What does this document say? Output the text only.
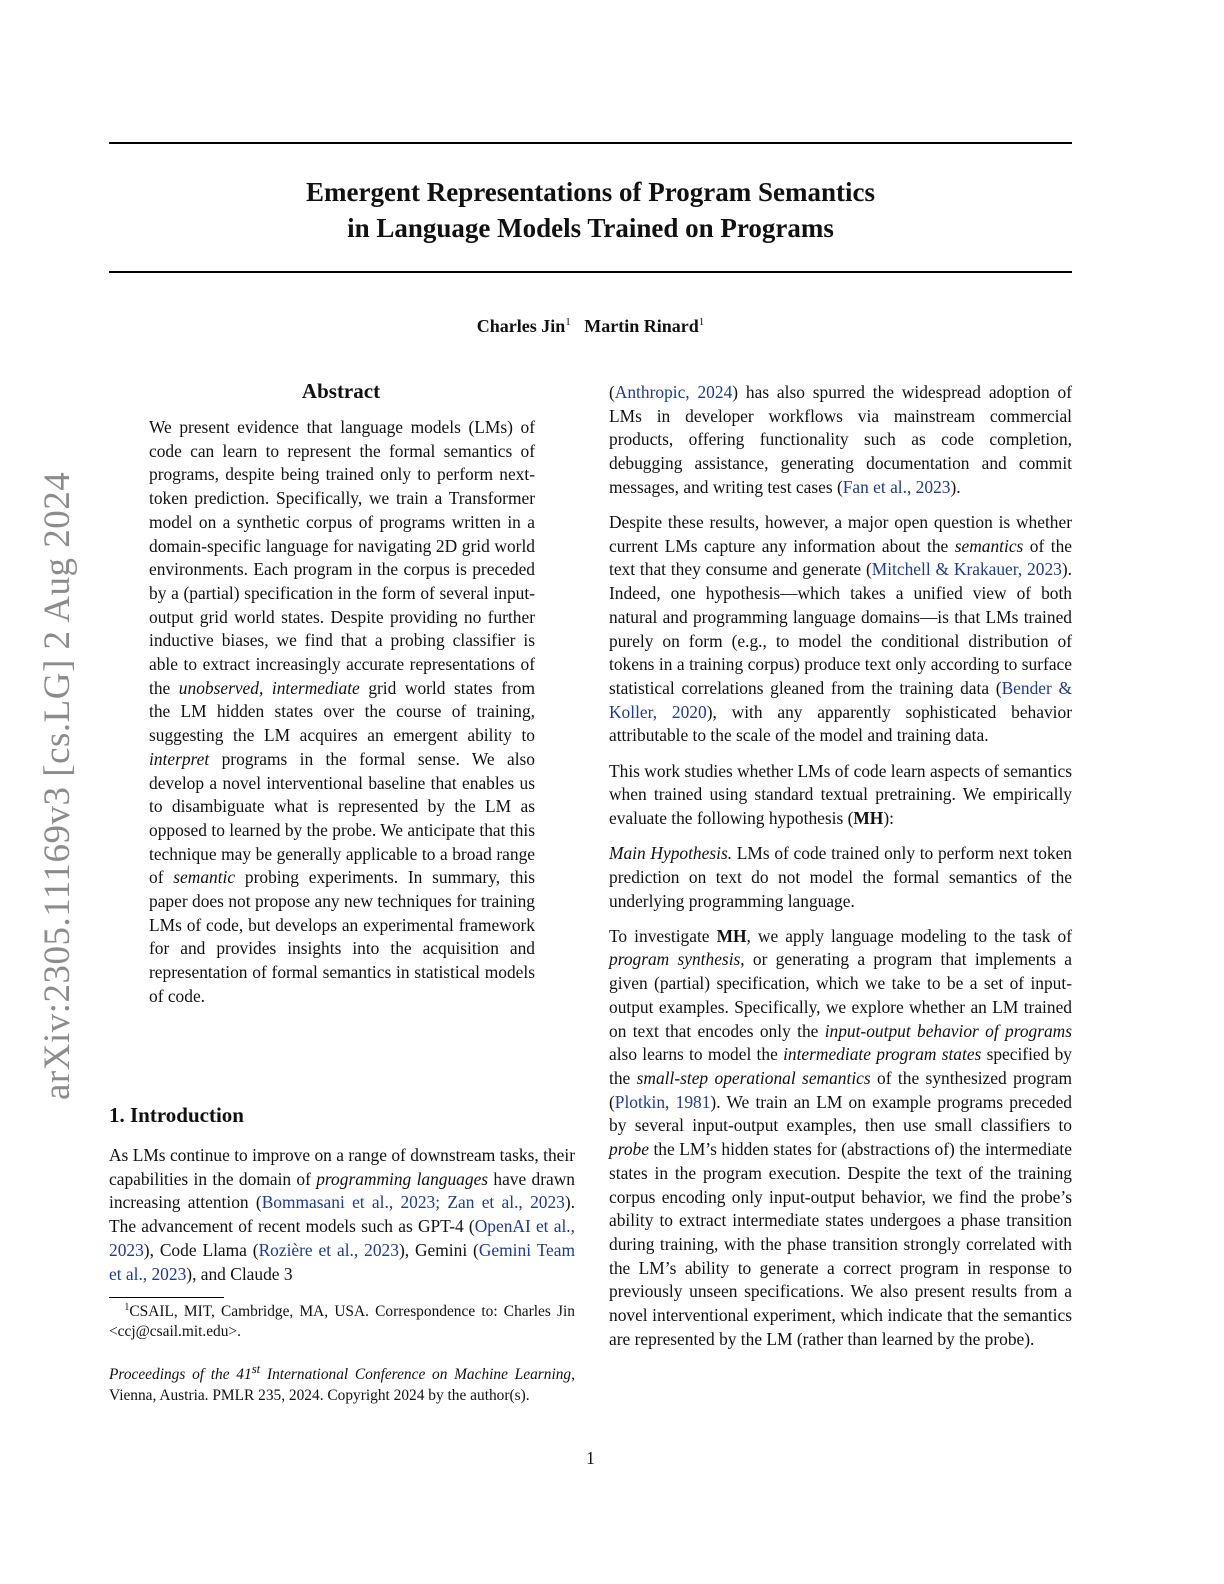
Emergent Representations of Program Semantics
in Language Models Trained on Programs
Charles Jin$^1$ Martin Rinard$^1$
arXiv:2305.11169v3 [cs.LG] 2 Aug 2024
Abstract
We present evidence that language models (LMs) of code can learn to represent the formal semantics of programs, despite being trained only to perform next-token prediction. Specifically, we train a Transformer model on a synthetic corpus of programs written in a domain-specific language for navigating 2D grid world environments. Each program in the corpus is preceded by a (partial) specification in the form of several input-output grid world states. Despite providing no further inductive biases, we find that a probing classifier is able to extract increasingly accurate representations of the unobserved, intermediate grid world states from the LM hidden states over the course of training, suggesting the LM acquires an emergent ability to interpret programs in the formal sense. We also develop a novel interventional baseline that enables us to disambiguate what is represented by the LM as opposed to learned by the probe. We anticipate that this technique may be generally applicable to a broad range of semantic probing experiments. In summary, this paper does not propose any new techniques for training LMs of code, but develops an experimental framework for and provides insights into the acquisition and representation of formal semantics in statistical models of code.
1. Introduction
As LMs continue to improve on a range of downstream tasks, their capabilities in the domain of programming languages have drawn increasing attention (Bommasani et al., 2023; Zan et al., 2023). The advancement of recent models such as GPT-4 (OpenAI et al., 2023), Code Llama (Rozière et al., 2023), Gemini (Gemini Team et al., 2023), and Claude 3
$^1$CSAIL, MIT, Cambridge, MA, USA. Correspondence to: Charles Jin <ccj@csail.mit.edu>.
Proceedings of the 41st International Conference on Machine Learning, Vienna, Austria. PMLR 235, 2024. Copyright 2024 by the author(s).

(Anthropic, 2024) has also spurred the widespread adoption of LMs in developer workflows via mainstream commercial products, offering functionality such as code completion, debugging assistance, generating documentation and commit messages, and writing test cases (Fan et al., 2023).

Despite these results, however, a major open question is whether current LMs capture any information about the semantics of the text that they consume and generate (Mitchell & Krakauer, 2023). Indeed, one hypothesis—which takes a unified view of both natural and programming language domains—is that LMs trained purely on form (e.g., to model the conditional distribution of tokens in a training corpus) produce text only according to surface statistical correlations gleaned from the training data (Bender & Koller, 2020), with any apparently sophisticated behavior attributable to the scale of the model and training data.

This work studies whether LMs of code learn aspects of semantics when trained using standard textual pretraining. We empirically evaluate the following hypothesis (MH):

Main Hypothesis. LMs of code trained only to perform next token prediction on text do not model the formal semantics of the underlying programming language.

To investigate MH, we apply language modeling to the task of program synthesis, or generating a program that implements a given (partial) specification, which we take to be a set of input-output examples. Specifically, we explore whether an LM trained on text that encodes only the input-output behavior of programs also learns to model the intermediate program states specified by the small-step operational semantics of the synthesized program (Plotkin, 1981). We train an LM on example programs preceded by several input-output examples, then use small classifiers to probe the LM’s hidden states for (abstractions of) the intermediate states in the program execution. Despite the text of the training corpus encoding only input-output behavior, we find the probe’s ability to extract intermediate states undergoes a phase transition during training, with the phase transition strongly correlated with the LM’s ability to generate a correct program in response to previously unseen specifications. We also present results from a novel interventional experiment, which indicate that the semantics are represented by the LM (rather than learned by the probe).

1
